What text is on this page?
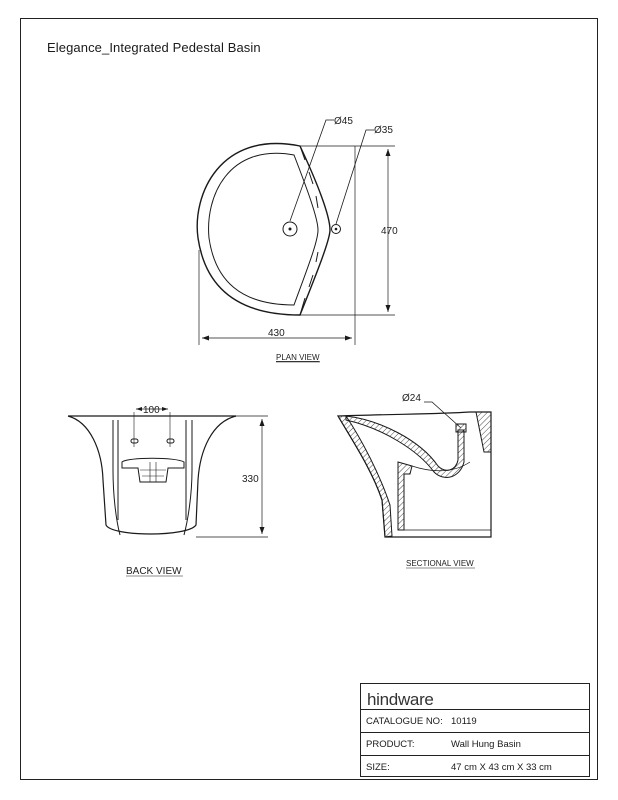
Elegance_Integrated Pedestal Basin
Ø45
Ø35
430
470
PLAN VIEW
100
330
BACK VIEW
Ø24
SECTIONAL VIEW
hindware
CATALOGUE NO: 10119
PRODUCT:	Wall Hung Basin
SIZE:	47 cm X 43 cm X 33 cm
